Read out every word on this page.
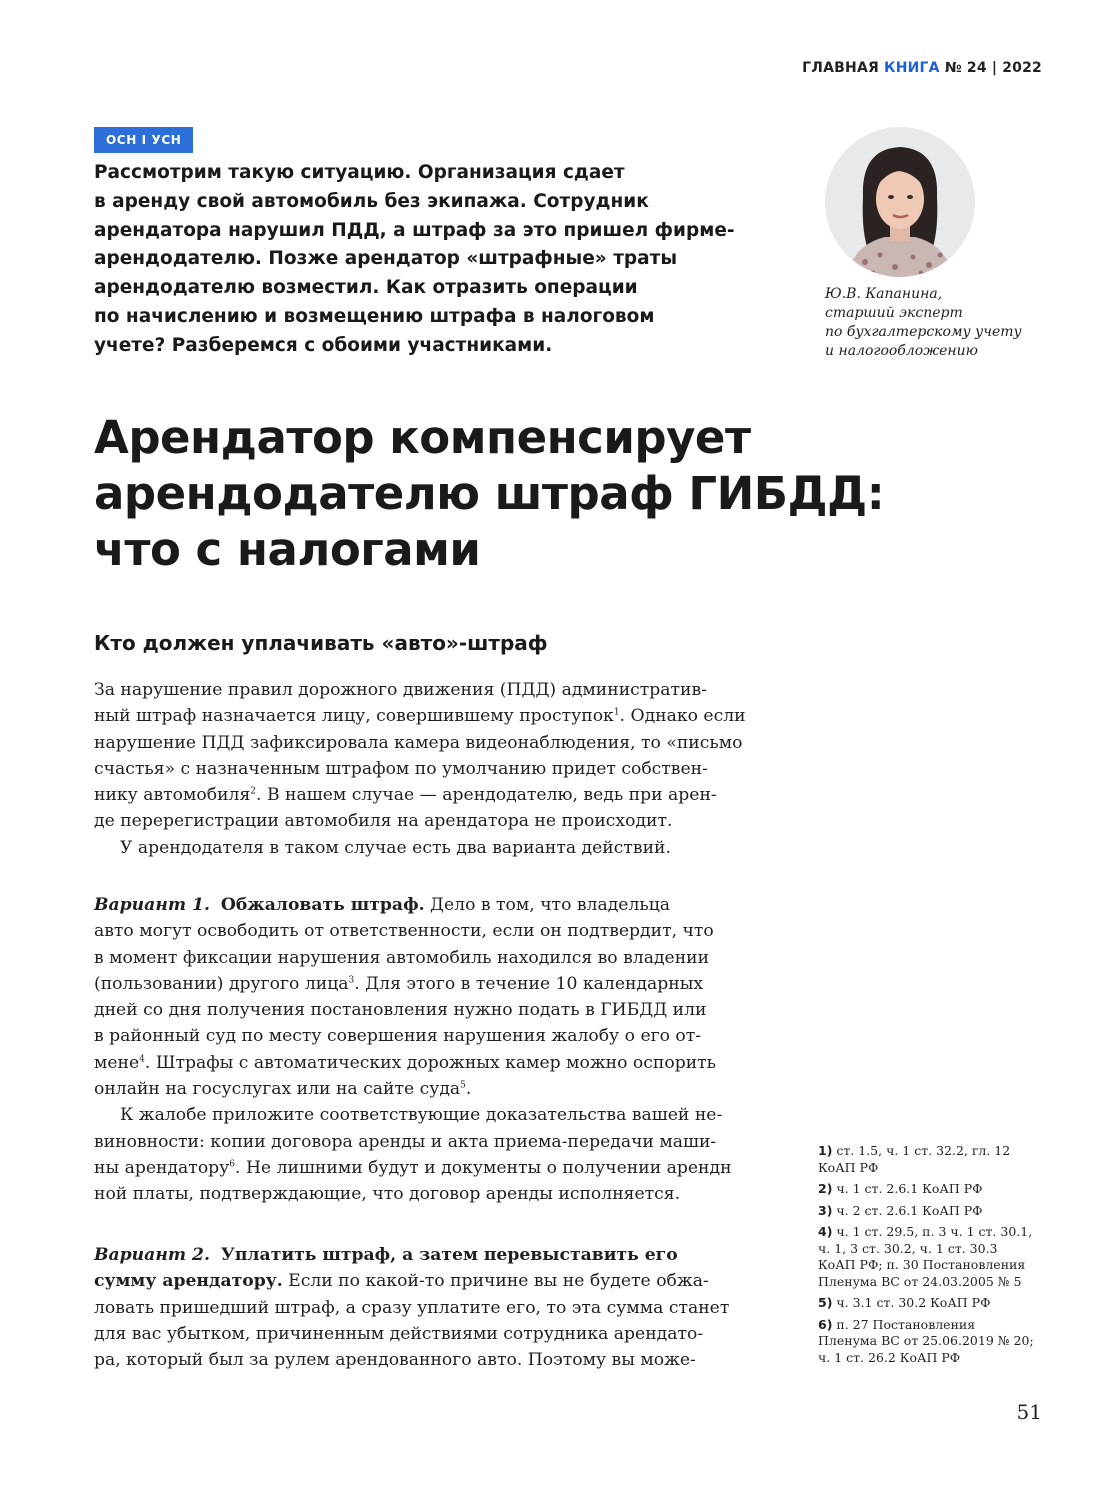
ГЛАВНАЯ КНИГА № 24 | 2022
ОСН I УСН
Рассмотрим такую ситуацию. Организация сдает
в аренду свой автомобиль без экипажа. Сотрудник
арендатора нарушил ПДД, а штраф за это пришел фирме-
арендодателю. Позже арендатор «штрафные» траты
арендодателю возместил. Как отразить операции
по начислению и возмещению штрафа в налоговом
учете? Разберемся с обоими участниками.
Ю.В. Капанина,
старший эксперт
по бухгалтерскому учету
и налогообложению
Арендатор компенсирует
арендодателю штраф ГИБДД:
что с налогами
Кто должен уплачивать «авто»-штраф
За нарушение правил дорожного движения (ПДД) административ-
ный штраф назначается лицу, совершившему проступок$^1$. Однако если
нарушение ПДД зафиксировала камера видеонаблюдения, то «письмо
счастья» с назначенным штрафом по умолчанию придет собствен-
нику автомобиля$^2$. В нашем случае — арендодателю, ведь при арен-
де перерегистрации автомобиля на арендатора не происходит.
У арендодателя в таком случае есть два варианта действий.
Вариант 1. Обжаловать штраф. Дело в том, что владельца
авто могут освободить от ответственности, если он подтвердит, что
в момент фиксации нарушения автомобиль находился во владении
(пользовании) другого лица$^3$. Для этого в течение 10 календарных
дней со дня получения постановления нужно подать в ГИБДД или
в районный суд по месту совершения нарушения жалобу о его от-
мене$^4$. Штрафы с автоматических дорожных камер можно оспорить
онлайн на госуслугах или на сайте суда$^5$.
К жалобе приложите соответствующие доказательства вашей не-
виновности: копии договора аренды и акта приема-передачи маши-
ны арендатору$^6$. Не лишними будут и документы о получении арендн
ной платы, подтверждающие, что договор аренды исполняется.
Вариант 2. Уплатить штраф, а затем перевыставить его
сумму арендатору. Если по какой-то причине вы не будете обжа-
ловать пришедший штраф, а сразу уплатите его, то эта сумма станет
для вас убытком, причиненным действиями сотрудника арендато-
ра, который был за рулем арендованного авто. Поэтому вы може-
1) ст. 1.5, ч. 1 ст. 32.2, гл. 12
КоАП РФ
2) ч. 1 ст. 2.6.1 КоАП РФ
3) ч. 2 ст. 2.6.1 КоАП РФ
4) ч. 1 ст. 29.5, п. 3 ч. 1 ст. 30.1,
ч. 1, 3 ст. 30.2, ч. 1 ст. 30.3
КоАП РФ; п. 30 Постановления
Пленума ВС от 24.03.2005 № 5
5) ч. 3.1 ст. 30.2 КоАП РФ
6) п. 27 Постановления
Пленума ВС от 25.06.2019 № 20;
ч. 1 ст. 26.2 КоАП РФ
51
